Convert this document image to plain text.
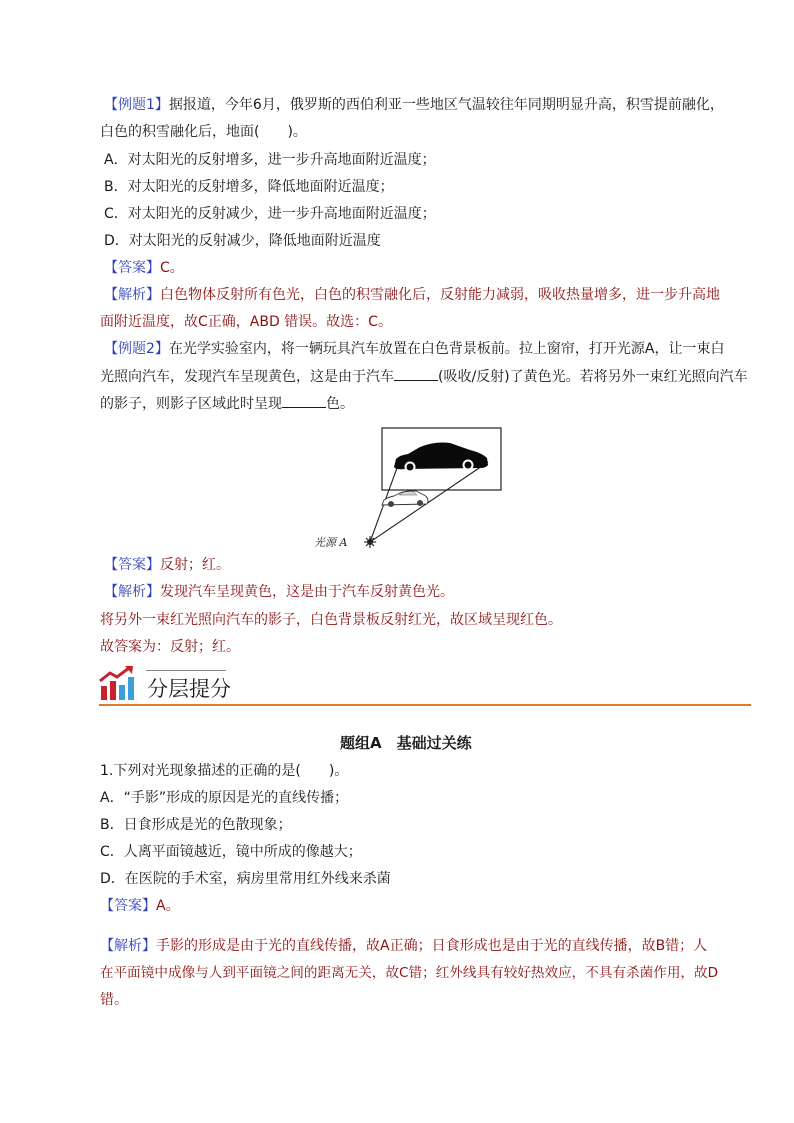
【例题1】据报道，今年6月，俄罗斯的西伯利亚一些地区气温较往年同期明显升高，积雪提前融化，
白色的积雪融化后，地面(　　)。
A．对太阳光的反射增多，进一步升高地面附近温度；
B．对太阳光的反射增多，降低地面附近温度；
C．对太阳光的反射减少，进一步升高地面附近温度；
D．对太阳光的反射减少，降低地面附近温度
【答案】C。
【解析】白色物体反射所有色光，白色的积雪融化后，反射能力减弱，吸收热量增多，进一步升高地
面附近温度，故C正确，ABD 错误。故选：C。
【例题2】在光学实验室内，将一辆玩具汽车放置在白色背景板前。拉上窗帘，打开光源A，让一束白
光照向汽车，发现汽车呈现黄色，这是由于汽车	(吸收/反射)了黄色光。若将另外一束红光照向汽车
的影子，则影子区域此时呈现	色。
光源 A
【答案】反射；红。
【解析】发现汽车呈现黄色，这是由于汽车反射黄色光。
将另外一束红光照向汽车的影子，白色背景板反射红光，故区域呈现红色。
故答案为：反射；红。
分层提分
题组A　基础过关练
1.下列对光现象描述的正确的是(　　)。
A．“手影”形成的原因是光的直线传播；
B．日食形成是光的色散现象；
C．人离平面镜越近，镜中所成的像越大；
D．在医院的手术室，病房里常用红外线来杀菌
【答案】A。
【解析】手影的形成是由于光的直线传播，故A正确；日食形成也是由于光的直线传播，故B错；人
在平面镜中成像与人到平面镜之间的距离无关，故C错；红外线具有较好热效应，不具有杀菌作用，故D
错。
